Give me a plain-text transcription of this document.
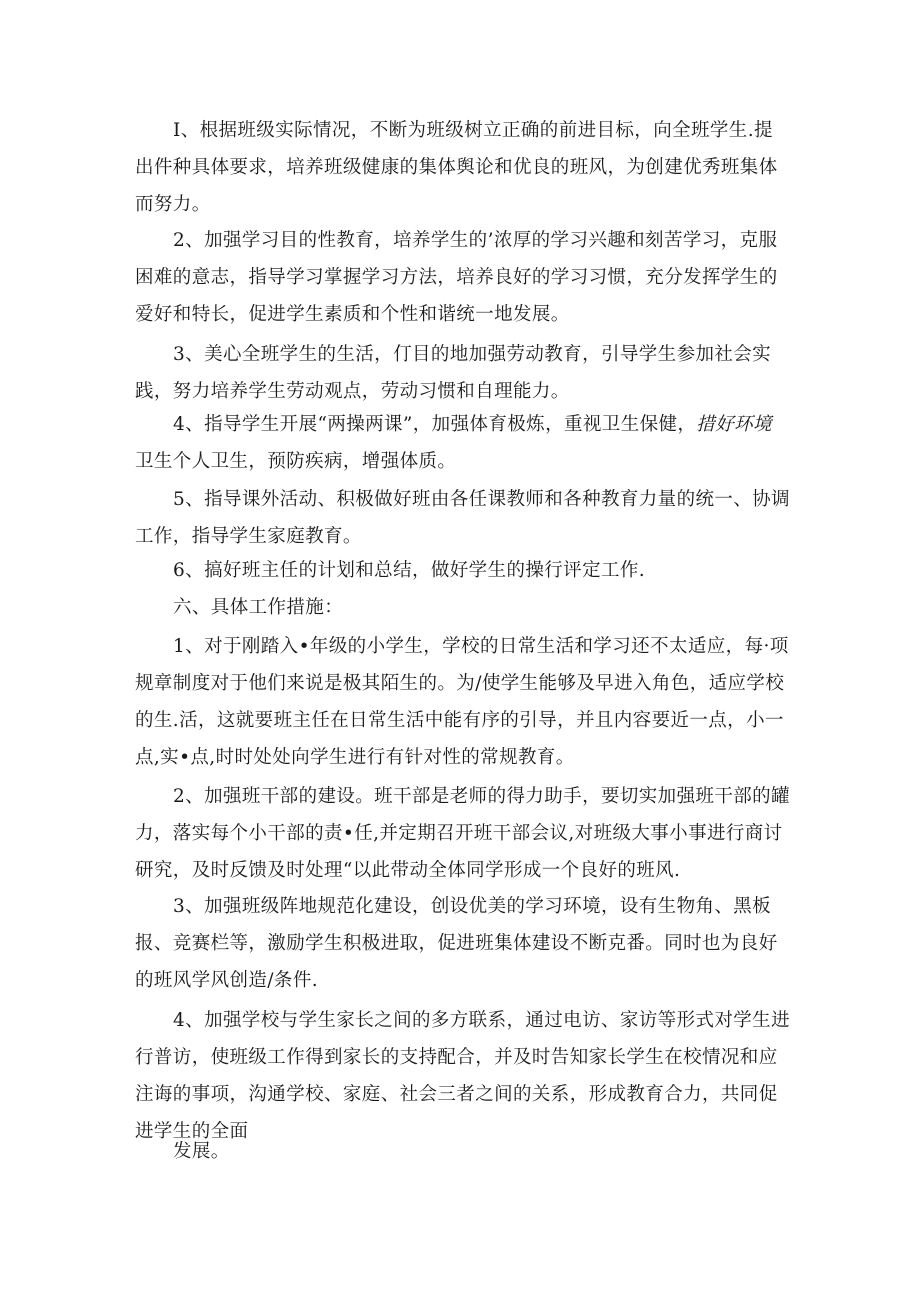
I、根据班级实际情况，不断为班级树立正确的前进目标，向全班学生.提
出件种具体要求，培养班级健康的集体舆论和优良的班风，为创建优秀班集体
而努力。

2、加强学习目的性教育，培养学生的’浓厚的学习兴趣和刻苦学习，克服
困难的意志，指导学习掌握学习方法，培养良好的学习习惯，充分发挥学生的
爱好和特长，促进学生素质和个性和谐统一地发展。

3、美心全班学生的生活，仃目的地加强劳动教育，引导学生参加社会实
践，努力培养学生劳动观点，劳动习惯和自理能力。

4、指导学生开展“两操两课”，加强体育极炼，重视卫生保健，措好环境
卫生个人卫生，预防疾病，增强体质。

5、指导课外活动、积极做好班由各任课教师和各种教育力量的统一、协调
工作，指导学生家庭教育。

6、搞好班主任的计划和总结，做好学生的操行评定工作.

六、具体工作措施：

1、对于刚踏入•年级的小学生，学校的日常生活和学习还不太适应，每·项
规章制度对于他们来说是极其陌生的。为/使学生能够及早进入角色，适应学校
的生.活，这就要班主任在日常生活中能有序的引导，并且内容要近一点，小一
点,实•点,时时处处向学生进行有针对性的常规教育。

2、加强班干部的建设。班干部是老师的得力助手，要切实加强班干部的罐
力，落实每个小干部的责•任,并定期召开班干部会议,对班级大事小事进行商讨
研究，及时反馈及时处理“以此带动全体同学形成一个良好的班风.

3、加强班级阵地规范化建设，创设优美的学习环境，设有生物角、黑板
报、竞赛栏等，激励学生积极进取，促进班集体建设不断克番。同时也为良好
的班风学风创造/条件.

4、加强学校与学生家长之间的多方联系，通过电访、家访等形式对学生进
行普访，使班级工作得到家长的支持配合，并及时告知家长学生在校情况和应
注诲的事项，沟通学校、家庭、社会三者之间的关系，形成教育合力，共同促
进学生的全面

发展。
